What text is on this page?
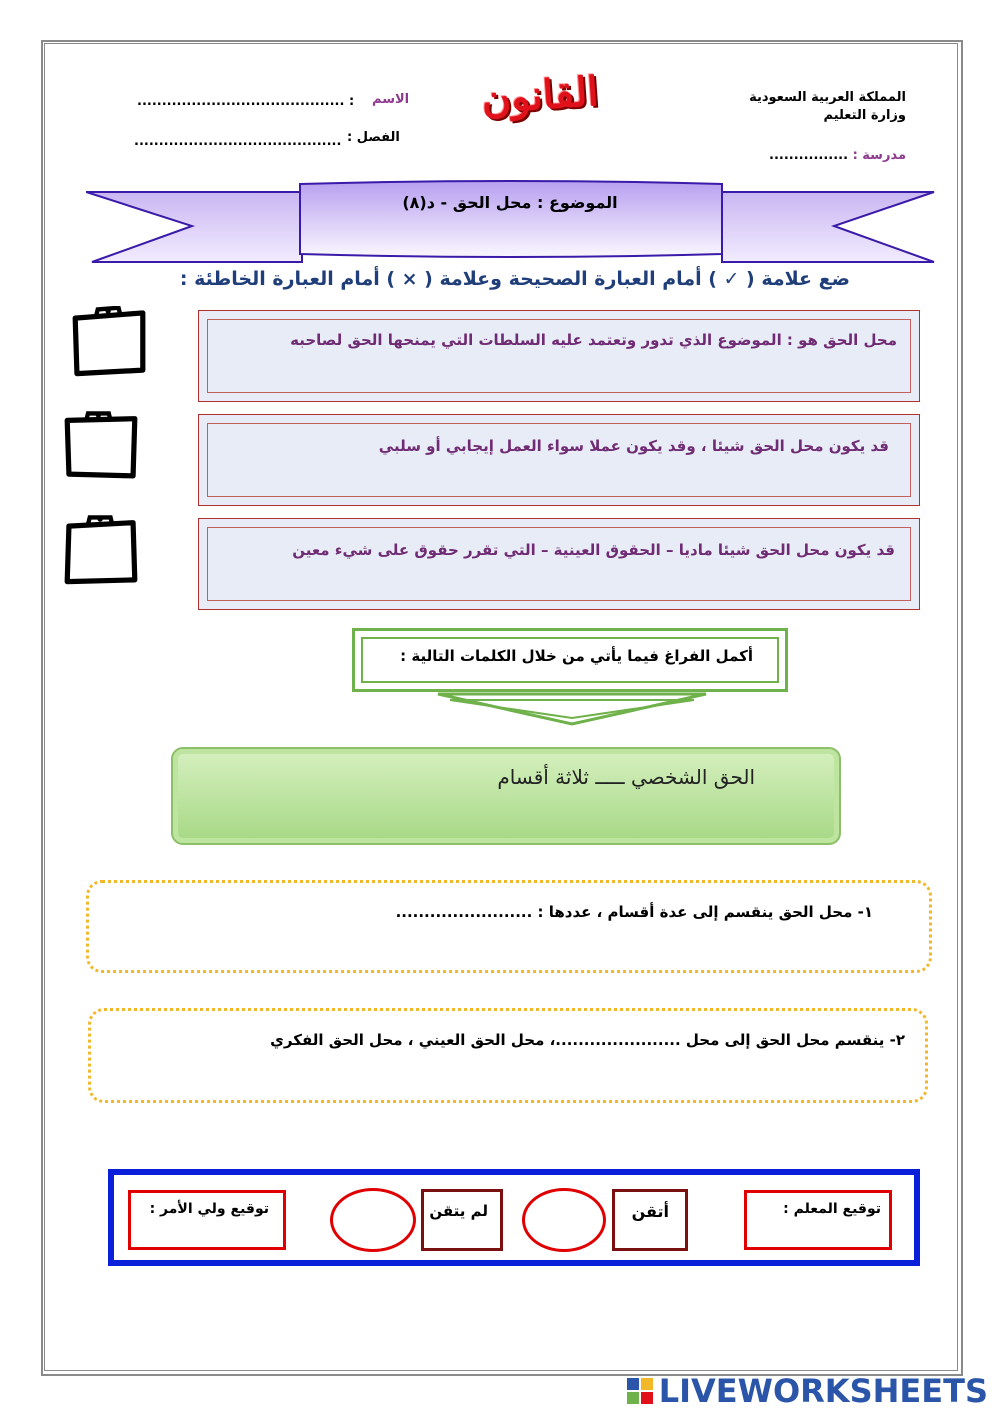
المملكة العربية السعودية
وزارة التعليم
مدرسة : ................
القانون
الاسم
.......................................... :
الفصل :
..........................................
الموضوع : محل الحق - د(٨)
ضع علامة ( ✓ ) أمام العبارة الصحيحة وعلامة ( × ) أمام العبارة الخاطئة :
محل الحق هو : الموضوع الذي تدور وتعتمد عليه السلطات التي يمنحها الحق لصاحبه
قد يكون محل الحق شيئا ، وقد يكون عملا سواء العمل إيجابي أو سلبي
قد يكون محل الحق شيئا ماديا – الحقوق العينية – التي تقرر حقوق على شيء معين
أكمل الفراغ فيما يأتي من خلال الكلمات التالية :
الحق الشخصي ـــــ ثلاثة أقسام
١- محل الحق ينقسم إلى عدة أقسام ، عددها : ........................
٢- ينقسم محل الحق إلى محل ......................، محل الحق العيني ، محل الحق الفكري
توقيع المعلم :
أتقن
لم يتقن
توقيع ولي الأمر :
LIVEWORKSHEETS
